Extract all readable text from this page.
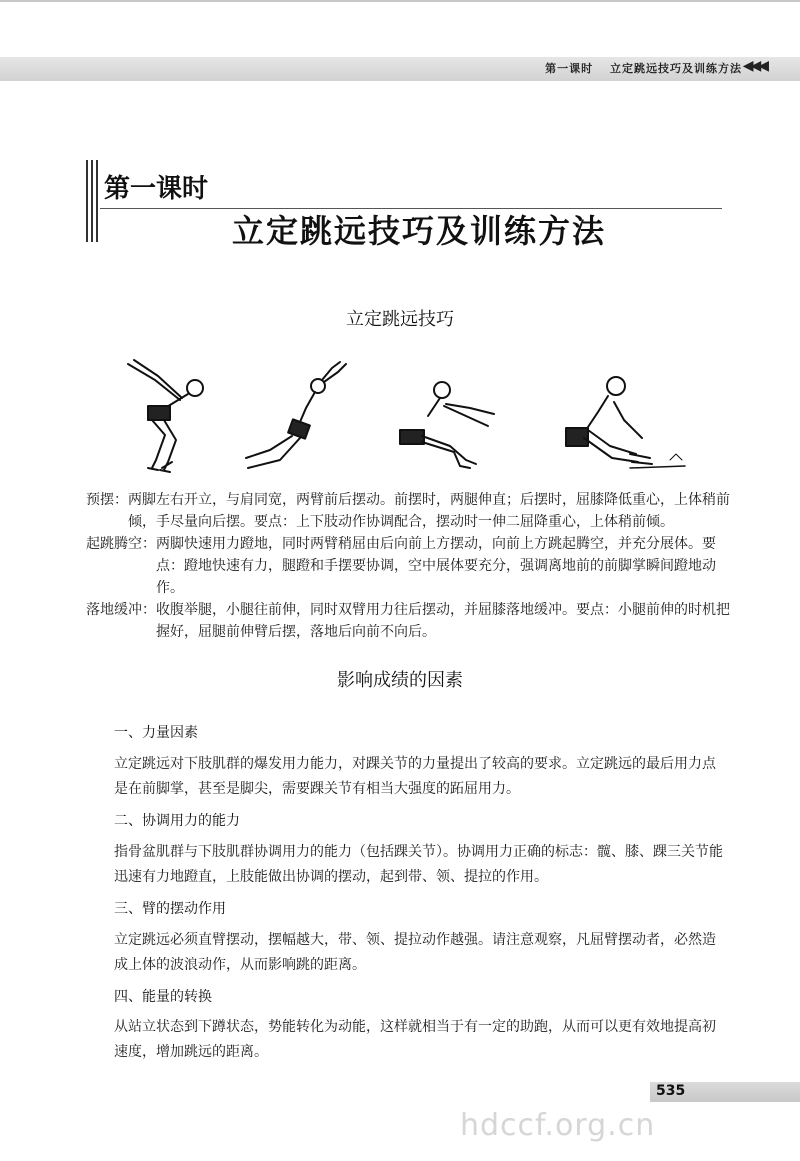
第一课时 立定跳远技巧及训练方法 ◀◀◀
第一课时
立定跳远技巧及训练方法
立定跳远技巧
预摆： 两脚左右开立，与肩同宽，两臂前后摆动。前摆时，两腿伸直；后摆时，屈膝降低重心，上体稍前倾，手尽量向后摆。要点：上下肢动作协调配合，摆动时一伸二屈降重心，上体稍前倾。
起跳腾空： 两脚快速用力蹬地，同时两臂稍屈由后向前上方摆动，向前上方跳起腾空，并充分展体。要点：蹬地快速有力，腿蹬和手摆要协调，空中展体要充分，强调离地前的前脚掌瞬间蹬地动作。
落地缓冲： 收腹举腿，小腿往前伸，同时双臂用力往后摆动，并屈膝落地缓冲。要点：小腿前伸的时机把握好，屈腿前伸臂后摆，落地后向前不向后。
影响成绩的因素
一、力量因素
立定跳远对下肢肌群的爆发用力能力，对踝关节的力量提出了较高的要求。立定跳远的最后用力点是在前脚掌，甚至是脚尖，需要踝关节有相当大强度的跖屈用力。
二、协调用力的能力
指骨盆肌群与下肢肌群协调用力的能力（包括踝关节）。协调用力正确的标志：髋、膝、踝三关节能迅速有力地蹬直，上肢能做出协调的摆动，起到带、领、提拉的作用。
三、臂的摆动作用
立定跳远必须直臂摆动，摆幅越大，带、领、提拉动作越强。请注意观察，凡屈臂摆动者，必然造成上体的波浪动作，从而影响跳的距离。
四、能量的转换
从站立状态到下蹲状态，势能转化为动能，这样就相当于有一定的助跑，从而可以更有效地提高初速度，增加跳远的距离。
535
hdccf.org.cn
